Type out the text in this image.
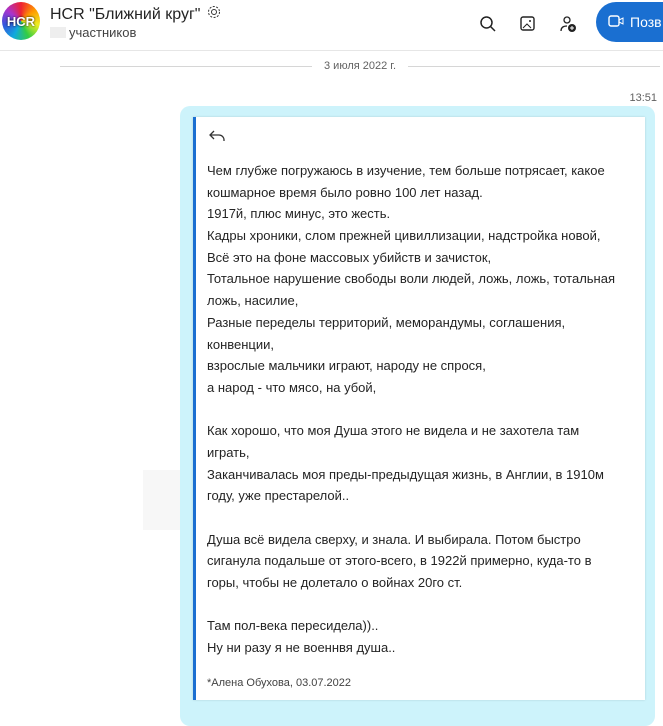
HCR HCR "Ближний круг"
участников
Позв
3 июля 2022 г.
13:51
Чем глубже погружаюсь в изучение, тем больше потрясает, какое
кошмарное время было ровно 100 лет назад.
1917й, плюс минус, это жесть.
Кадры хроники, слом прежней цивиллизации, надстройка новой,
Всё это на фоне массовых убийств и зачисток,
Тотальное нарушение свободы воли людей, ложь, ложь, тотальная
ложь, насилие,
Разные переделы территорий, меморандумы, соглашения,
конвенции,
взрослые мальчики играют, народу не спрося,
а народ - что мясо, на убой,
Как хорошо, что моя Душа этого не видела и не захотела там
играть,
Заканчивалась моя преды-предыдущая жизнь, в Англии, в 1910м
году, уже престарелой..
Душа всё видела сверху, и знала. И выбирала. Потом быстро
сиганула подальше от этого-всего, в 1922й примерно, куда-то в
горы, чтобы не долетало о войнах 20го ст.
Там пол-века пересидела))..
Ну ни разу я не военнвя душа..
*Алена Обухова, 03.07.2022
